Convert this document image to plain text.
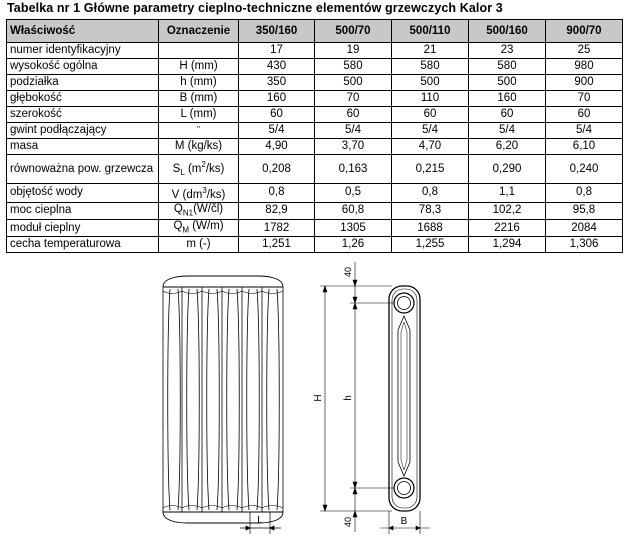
Tabelka nr 1 Główne parametry cieplno-techniczne elementów grzewczych Kalor 3
Właściwość	Oznaczenie	350/160	500/70	500/110	500/160	900/70
numer identyfikacyjny		17	19	21	23	25
wysokość ogólna	H (mm)	430	580	580	580	980
podziałka	h (mm)	350	500	500	500	900
głębokość	B (mm)	160	70	110	160	70
szerokość	L (mm)	60	60	60	60	60
gwint podłączający	"	5/4	5/4	5/4	5/4	5/4
masa	M (kg/ks)	4,90	3,70	4,70	6,20	6,10
równoważna pow. grzewcza	$S_L$ $(m^2/ks)$	0,208	0,163	0,215	0,290	0,240
objętość wody	V $(dm^3/ks)$	0,8	0,5	0,8	1,1	0,8
moc cieplna	$Q_{N1}(W/čl)$	82,9	60,8	78,3	102,2	95,8
moduł cieplny	$Q_M$ (W/m)	1782	1305	1688	2216	2084
cecha temperaturowa	m (-)	1,251	1,26	1,255	1,294	1,306
L
H h
40
40	B
